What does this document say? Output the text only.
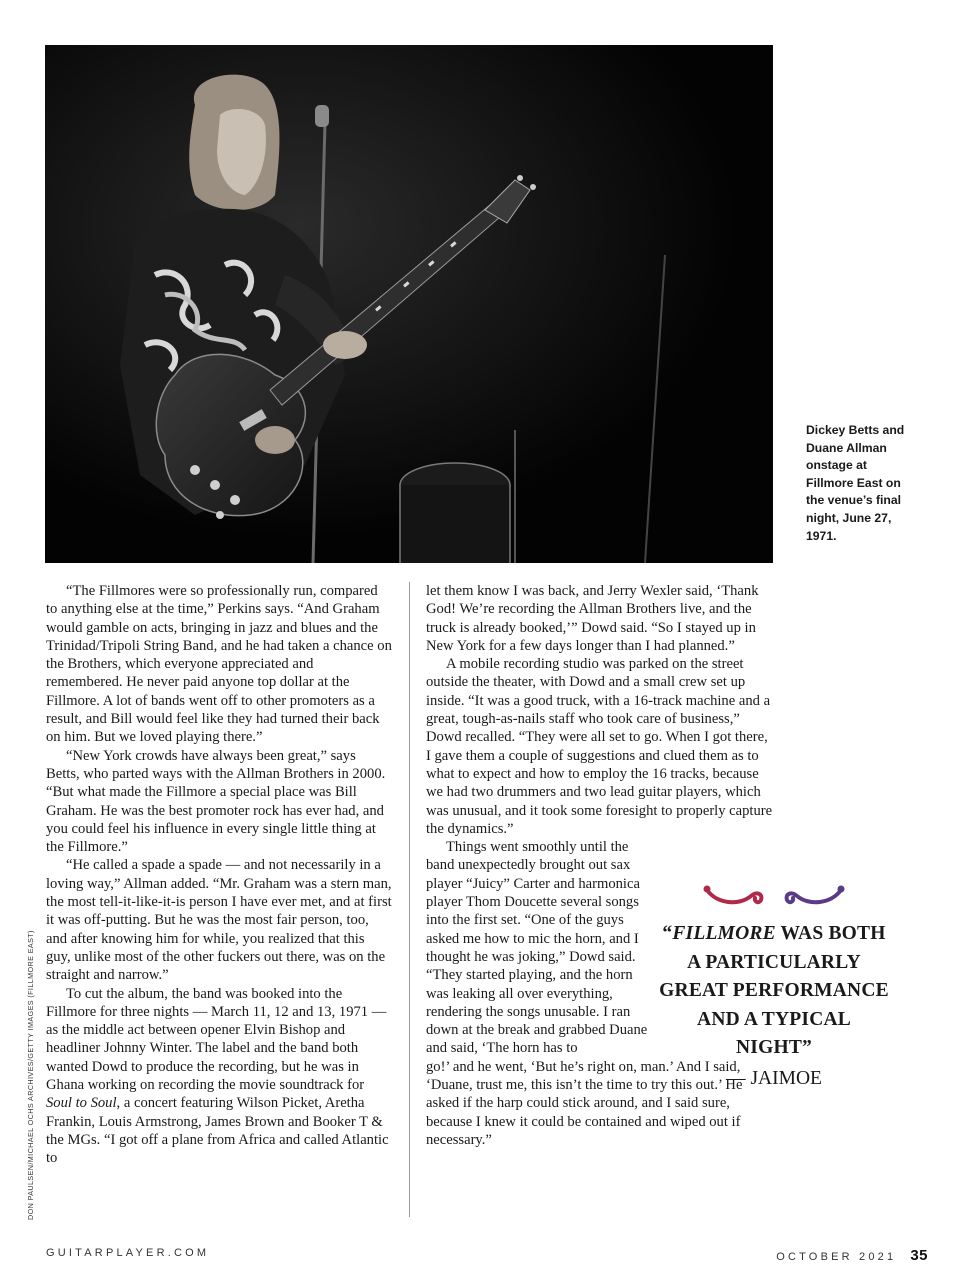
Dickey Betts and Duane Allman onstage at Fillmore East on the venue’s final night, June 27, 1971.
DON PAULSEN/MICHAEL OCHS ARCHIVES/GETTY IMAGES (FILLMORE EAST)

“The Fillmores were so professionally run, compared to anything else at the time,” Perkins says. “And Graham would gamble on acts, bringing in jazz and blues and the Trinidad/Tripoli String Band, and he had taken a chance on the Brothers, which everyone appreciated and remembered. He never paid anyone top dollar at the Fillmore. A lot of bands went off to other promoters as a result, and Bill would feel like they had turned their back on him. But we loved playing there.”

“New York crowds have always been great,” says Betts, who parted ways with the Allman Brothers in 2000. “But what made the Fillmore a special place was Bill Graham. He was the best promoter rock has ever had, and you could feel his influence in every single little thing at the Fillmore.”

“He called a spade a spade — and not necessarily in a loving way,” Allman added. “Mr. Graham was a stern man, the most tell-it-like-it-is person I have ever met, and at first it was off-putting. But he was the most fair person, too, and after knowing him for while, you realized that this guy, unlike most of the other fuckers out there, was on the straight and narrow.”

To cut the album, the band was booked into the Fillmore for three nights — March 11, 12 and 13, 1971 — as the middle act between opener Elvin Bishop and headliner Johnny Winter. The label and the band both wanted Dowd to produce the recording, but he was in Ghana working on recording the movie soundtrack for Soul to Soul, a concert featuring Wilson Picket, Aretha Frankin, Louis Armstrong, James Brown and Booker T & the MGs. “I got off a plane from Africa and called Atlantic to

let them know I was back, and Jerry Wexler said, ‘Thank God! We’re recording the Allman Brothers live, and the truck is already booked,’” Dowd said. “So I stayed up in New York for a few days longer than I had planned.”

A mobile recording studio was parked on the street outside the theater, with Dowd and a small crew set up inside. “It was a good truck, with a 16-track machine and a great, tough-as-nails staff who took care of business,” Dowd recalled. “They were all set to go. When I got there, I gave them a couple of suggestions and clued them as to what to expect and how to employ the 16 tracks, because we had two drummers and two lead guitar players, which was unusual, and it took some foresight to properly capture the dynamics.”

Things went smoothly until the band unexpectedly brought out sax player “Juicy” Carter and harmonica player Thom Doucette several songs into the first set. “One of the guys asked me how to mic the horn, and I thought he was joking,” Dowd said. “They started playing, and the horn was leaking all over everything, rendering the songs unusable. I ran down at the break and grabbed Duane and said, ‘The horn has to

go!’ and he went, ‘But he’s right on, man.’ And I said, ‘Duane, trust me, this isn’t the time to try this out.’ He asked if the harp could stick around, and I said sure, because I knew it could be contained and wiped out if necessary.”

“FILLMORE WAS BOTH
A PARTICULARLY
GREAT PERFORMANCE
AND A TYPICAL
NIGHT”
— JAIMOE
GUITARPLAYER.COM	OCTOBER 2021 35
